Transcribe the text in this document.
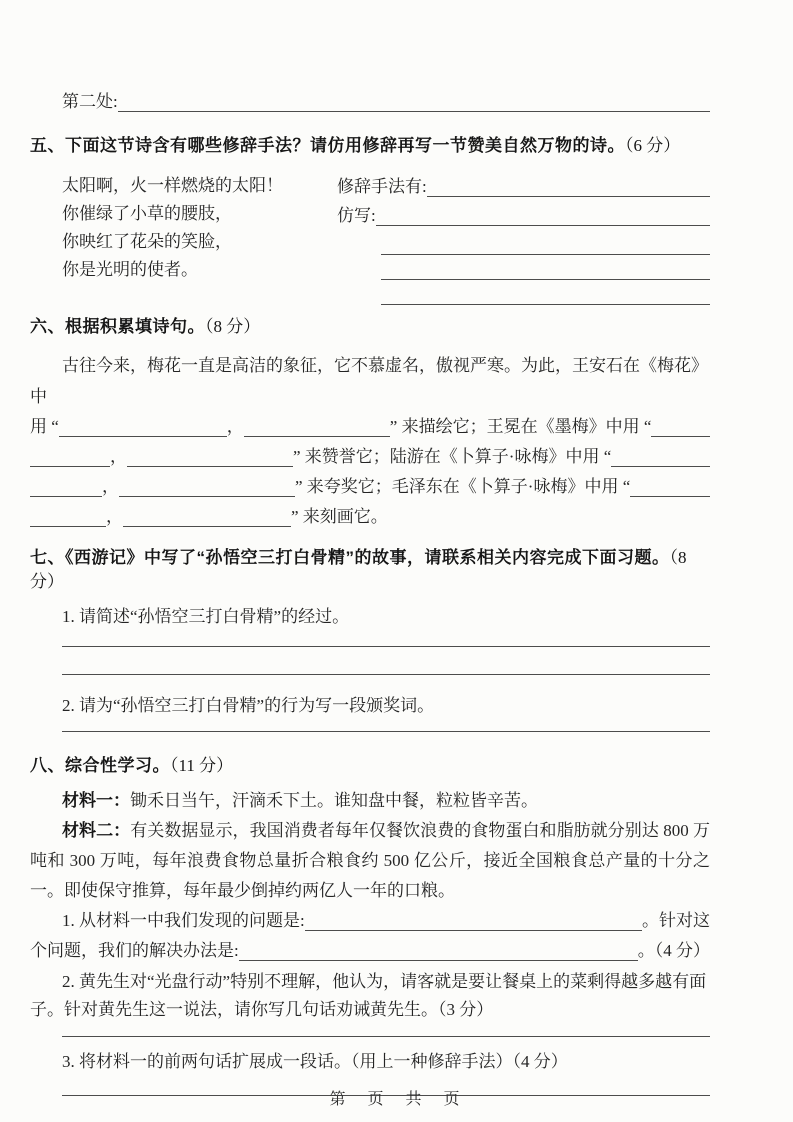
第二处:
五、下面这节诗含有哪些修辞手法？请仿用修辞再写一节赞美自然万物的诗。（6 分）
太阳啊，火一样燃烧的太阳！
你催绿了小草的腰肢，
你映红了花朵的笑脸，
你是光明的使者。
修辞手法有:
仿写:
六、根据积累填诗句。（8 分）
古往今来，梅花一直是高洁的象征，它不慕虚名，傲视严寒。为此，王安石在《梅花》中
用 “	，	” 来描绘它；王冕在《墨梅》中用 “
，	” 来赞誉它；陆游在《卜算子·咏梅》中用 “
，	” 来夸奖它；毛泽东在《卜算子·咏梅》中用 “
，	” 来刻画它。
七、《西游记》中写了“孙悟空三打白骨精”的故事，请联系相关内容完成下面习题。（8 分）
1. 请简述“孙悟空三打白骨精”的经过。
2. 请为“孙悟空三打白骨精”的行为写一段颁奖词。
八、综合性学习。（11 分）
材料一：锄禾日当午，汗滴禾下土。谁知盘中餐，粒粒皆辛苦。
材料二：有关数据显示，我国消费者每年仅餐饮浪费的食物蛋白和脂肪就分别达 800 万吨和 300 万吨，每年浪费食物总量折合粮食约 500 亿公斤，接近全国粮食总产量的十分之一。即使保守推算，每年最少倒掉约两亿人一年的口粮。
1. 从材料一中我们发现的问题是:	。针对这
个问题，我们的解决办法是:	。（4 分）
2. 黄先生对“光盘行动”特别不理解，他认为，请客就是要让餐桌上的菜剩得越多越有面
子。针对黄先生这一说法，请你写几句话劝诫黄先生。（3 分）
3. 将材料一的前两句话扩展成一段话。（用上一种修辞手法）（4 分）
第 页 共 页
